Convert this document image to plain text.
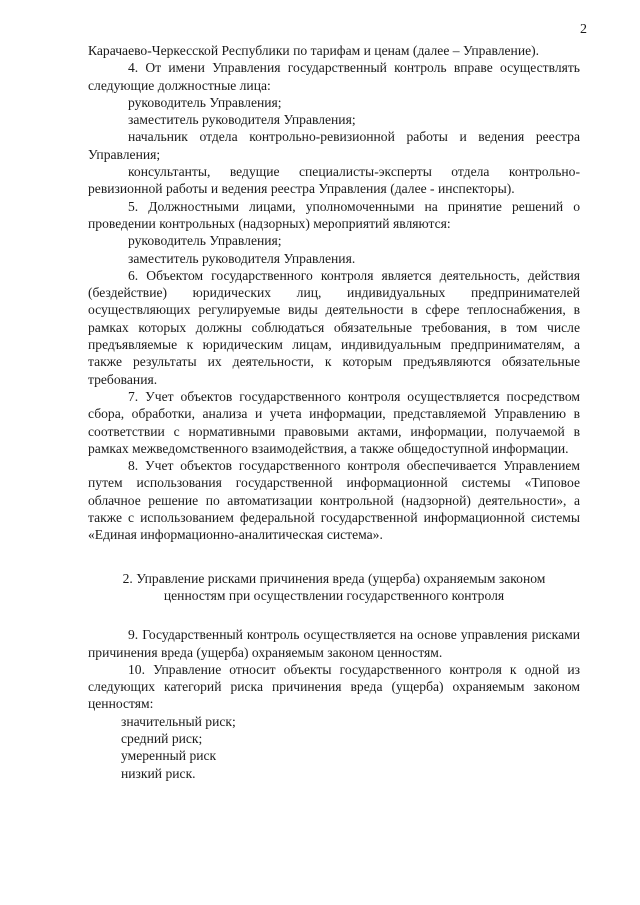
2

Карачаево-Черкесской Республики по тарифам и ценам (далее – Управление).

4. От имени Управления государственный контроль вправе осуществлять следующие должностные лица:

руководитель Управления;

заместитель руководителя Управления;

начальник отдела контрольно-ревизионной работы и ведения реестра Управления;

консультанты, ведущие специалисты-эксперты отдела контрольно-ревизионной работы и ведения реестра Управления (далее - инспекторы).

5. Должностными лицами, уполномоченными на принятие решений о проведении контрольных (надзорных) мероприятий являются:

руководитель Управления;

заместитель руководителя Управления.

6. Объектом государственного контроля является деятельность, действия (бездействие) юридических лиц, индивидуальных предпринимателей осуществляющих регулируемые виды деятельности в сфере теплоснабжения, в рамках которых должны соблюдаться обязательные требования, в том числе предъявляемые к юридическим лицам, индивидуальным предпринимателям, а также результаты их деятельности, к которым предъявляются обязательные требования.

7. Учет объектов государственного контроля осуществляется посредством сбора, обработки, анализа и учета информации, представляемой Управлению в соответствии с нормативными правовыми актами, информации, получаемой в рамках межведомственного взаимодействия, а также общедоступной информации.

8. Учет объектов государственного контроля обеспечивается Управлением путем использования государственной информационной системы «Типовое облачное решение по автоматизации контрольной (надзорной) деятельности», а также с использованием федеральной государственной информационной системы «Единая информационно-аналитическая система».

2. Управление рисками причинения вреда (ущерба) охраняемым законом ценностям при осуществлении государственного контроля

9. Государственный контроль осуществляется на основе управления рисками причинения вреда (ущерба) охраняемым законом ценностям.

10. Управление относит объекты государственного контроля к одной из следующих категорий риска причинения вреда (ущерба) охраняемым законом ценностям:

значительный риск;

средний риск;

умеренный риск

низкий риск.
